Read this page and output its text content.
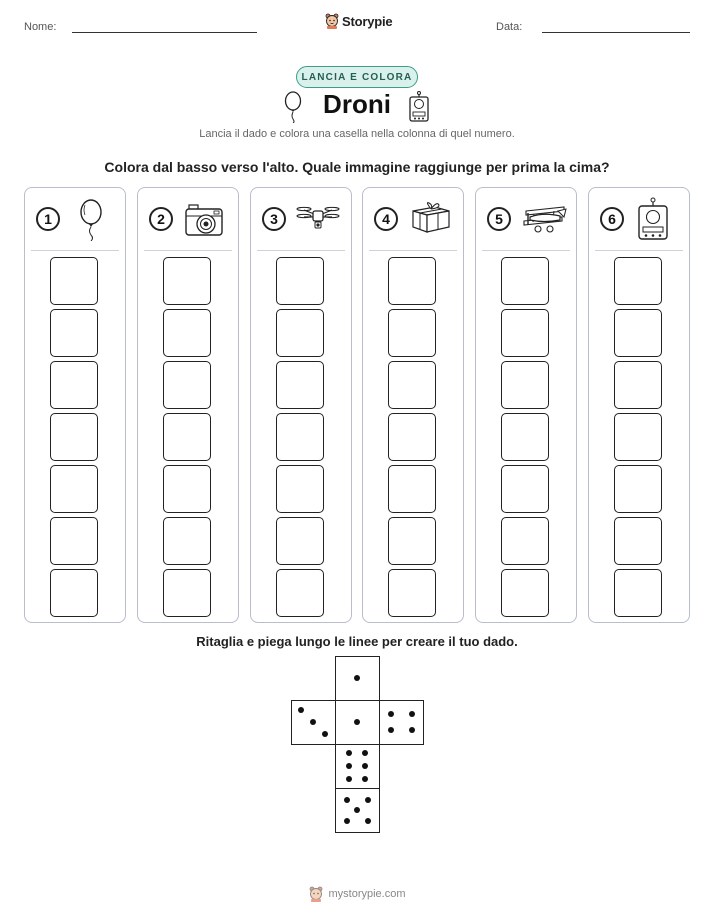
Nome:	Storypie	Data:
LANCIA E COLORA
Droni
Lancia il dado e colora una casella nella colonna di quel numero.
Colora dal basso verso l'alto. Quale immagine raggiunge per prima la cima?
1	2	3	4	5	6
Ritaglia e piega lungo le linee per creare il tuo dado.
mystorypie.com
